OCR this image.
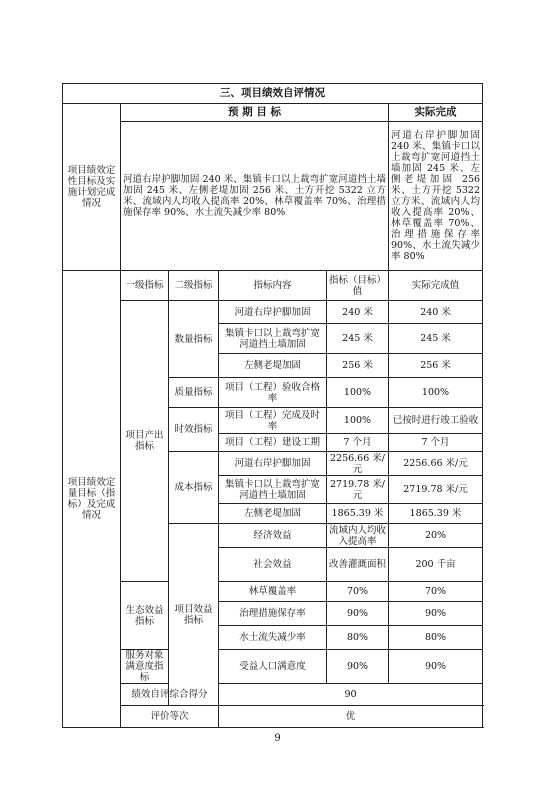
三、项目绩效自评情况						
项目绩效定性目标及实施计划完成情况	预 期 目 标				实际完成	
	河道右岸护脚加固 240 米、集镇卡口以上裁弯扩宽河道挡土墙加固 245 米、左侧老堤加固 256 米、土方开挖 5322 立方米、流域内人均收入提高率 20%、林草覆盖率 70%、治理措施保存率 90%、水土流失减少率 80%				河道右岸护脚加固 240 米、集镇卡口以上裁弯扩宽河道挡土墙加固 245 米、左侧老堤加固 256 米、土方开挖 5322 立方米、流域内人均收入提高率 20%、林草覆盖率 70%、治理措施保存率 90%、水土流失减少率 80%	
项目绩效定量目标（指标）及完成情况	一级指标	二级指标	指标内容	指标（目标）值	实际完成值	
	项目产出指标	数量指标	河道右岸护脚加固	240 米	240 米	
			集镇卡口以上裁弯扩宽河道挡土墙加固	245 米	245 米	
			左侧老堤加固	256 米	256 米	
		质量指标	项目（工程）验收合格率	100%	100%	
		时效指标	项目（工程）完成及时率	100%	已按时进行竣工验收	
			项目（工程）建设工期	7 个月	7 个月	
		成本指标	河道右岸护脚加固	2256.66 米/元	2256.66 米/元	
			集镇卡口以上裁弯扩宽河道挡土墙加固	2719.78 米/元	2719.78 米/元	
			左侧老堤加固	1865.39 米	1865.39 米	
		项目效益指标	经济效益	流域内人均收入提高率	20%	
			社会效益	改善灌溉面积	200 千亩	
	生态效益指标		林草覆盖率	70%	70%	
			治理措施保存率	90%	90%	
			水土流失减少率	80%	80%	
	服务对象满意度指标		受益人口满意度	90%	90%	
	绩效自评综合得分		90			
	评价等次		优			
9
